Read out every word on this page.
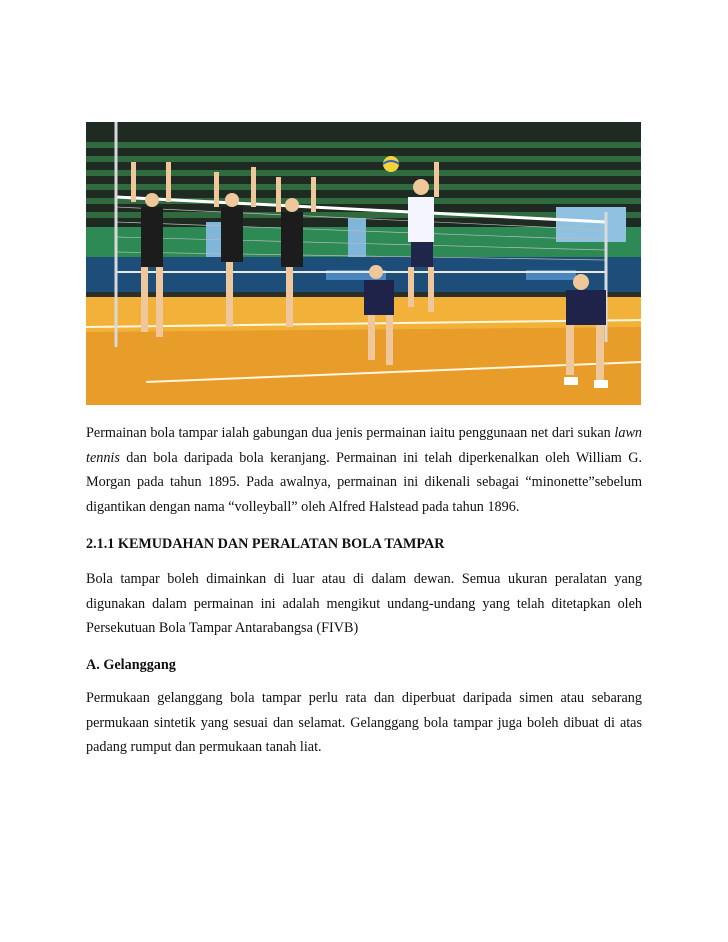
Permainan bola tampar ialah gabungan dua jenis permainan iaitu penggunaan net dari sukan lawn tennis dan bola daripada bola keranjang. Permainan ini telah diperkenalkan oleh William G. Morgan pada tahun 1895. Pada awalnya, permainan ini dikenali sebagai “minonette”sebelum digantikan dengan nama “volleyball” oleh Alfred Halstead pada tahun 1896.

2.1.1 KEMUDAHAN DAN PERALATAN BOLA TAMPAR

Bola tampar boleh dimainkan di luar atau di dalam dewan. Semua ukuran peralatan yang digunakan dalam permainan ini adalah mengikut undang-undang yang telah ditetapkan oleh Persekutuan Bola Tampar Antarabangsa (FIVB)

A. Gelanggang

Permukaan gelanggang bola tampar perlu rata dan diperbuat daripada simen atau sebarang permukaan sintetik yang sesuai dan selamat. Gelanggang bola tampar juga boleh dibuat di atas padang rumput dan permukaan tanah liat.
